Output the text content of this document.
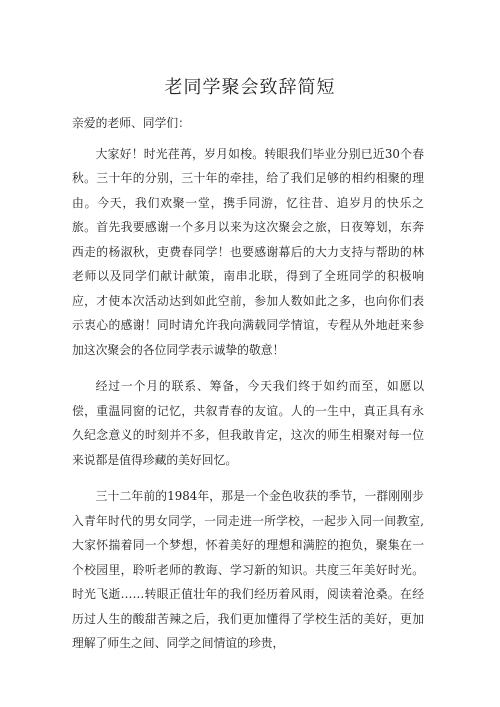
老同学聚会致辞简短

亲爱的老师、同学们：

大家好！时光荏苒，岁月如梭。转眼我们毕业分别已近30个春秋。三十年的分别，三十年的牵挂，给了我们足够的相约相聚的理由。今天，我们欢聚一堂，携手同游，忆往昔、追岁月的快乐之旅。首先我要感谢一个多月以来为这次聚会之旅，日夜筹划，东奔西走的杨淑秋，吏费春同学！也要感谢幕后的大力支持与帮助的林老师以及同学们献计献策，南串北联，得到了全班同学的积极响应，才使本次活动达到如此空前，参加人数如此之多，也向你们表示衷心的感谢！同时请允许我向满载同学情谊，专程从外地赶来参加这次聚会的各位同学表示诚挚的敬意！

经过一个月的联系、筹备，今天我们终于如约而至，如愿以偿，重温同窗的记忆，共叙青春的友谊。人的一生中，真正具有永久纪念意义的时刻并不多，但我敢肯定，这次的师生相聚对每一位来说都是值得珍藏的美好回忆。

三十二年前的1984年，那是一个金色收获的季节，一群刚刚步入青年时代的男女同学，一同走进一所学校，一起步入同一间教室,大家怀揣着同一个梦想，怀着美好的理想和满腔的抱负，聚集在一个校园里，聆听老师的教诲、学习新的知识。共度三年美好时光。时光飞逝……转眼正值壮年的我们经历着风雨，阅读着沧桑。在经历过人生的酸甜苦辣之后，我们更加懂得了学校生活的美好，更加理解了师生之间、同学之间情谊的珍贵，
